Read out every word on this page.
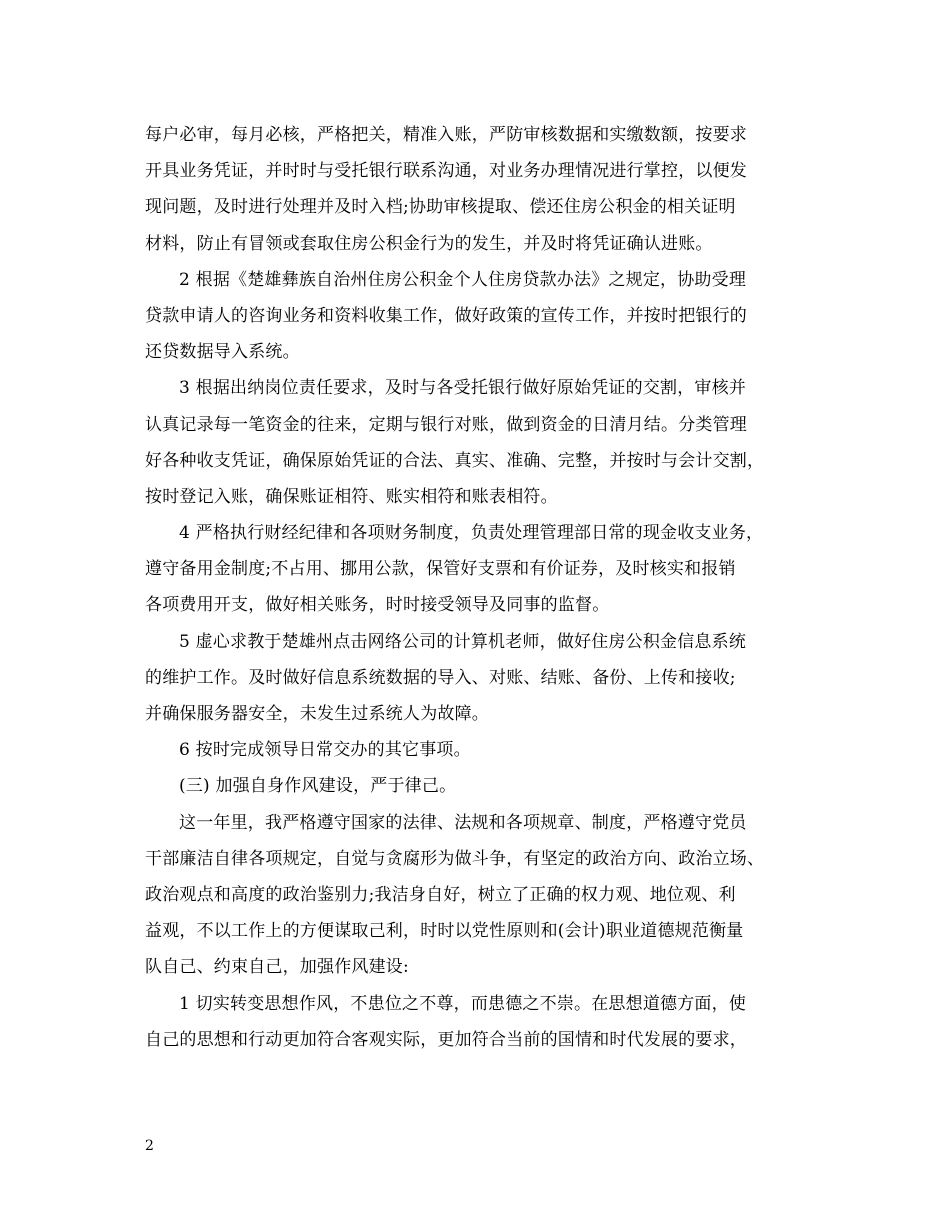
每户必审，每月必核，严格把关，精准入账，严防审核数据和实缴数额，按要求
开具业务凭证，并时时与受托银行联系沟通，对业务办理情况进行掌控，以便发
现问题，及时进行处理并及时入档;协助审核提取、偿还住房公积金的相关证明
材料，防止有冒领或套取住房公积金行为的发生，并及时将凭证确认进账。
2 根据《楚雄彝族自治州住房公积金个人住房贷款办法》之规定，协助受理
贷款申请人的咨询业务和资料收集工作，做好政策的宣传工作，并按时把银行的
还贷数据导入系统。
3 根据出纳岗位责任要求，及时与各受托银行做好原始凭证的交割，审核并
认真记录每一笔资金的往来，定期与银行对账，做到资金的日清月结。分类管理
好各种收支凭证，确保原始凭证的合法、真实、准确、完整，并按时与会计交割，
按时登记入账，确保账证相符、账实相符和账表相符。
4 严格执行财经纪律和各项财务制度，负责处理管理部日常的现金收支业务，
遵守备用金制度;不占用、挪用公款，保管好支票和有价证券，及时核实和报销
各项费用开支，做好相关账务，时时接受领导及同事的监督。
5 虚心求教于楚雄州点击网络公司的计算机老师，做好住房公积金信息系统
的维护工作。及时做好信息系统数据的导入、对账、结账、备份、上传和接收;
并确保服务器安全，未发生过系统人为故障。
6 按时完成领导日常交办的其它事项。
(三) 加强自身作风建设，严于律己。
这一年里，我严格遵守国家的法律、法规和各项规章、制度，严格遵守党员
干部廉洁自律各项规定，自觉与贪腐形为做斗争，有坚定的政治方向、政治立场、
政治观点和高度的政治鉴别力;我洁身自好，树立了正确的权力观、地位观、利
益观，不以工作上的方便谋取己利，时时以党性原则和(会计)职业道德规范衡量
队自己、约束自己，加强作风建设:
1 切实转变思想作风，不患位之不尊，而患德之不崇。在思想道德方面，使
自己的思想和行动更加符合客观实际，更加符合当前的国情和时代发展的要求，
2
